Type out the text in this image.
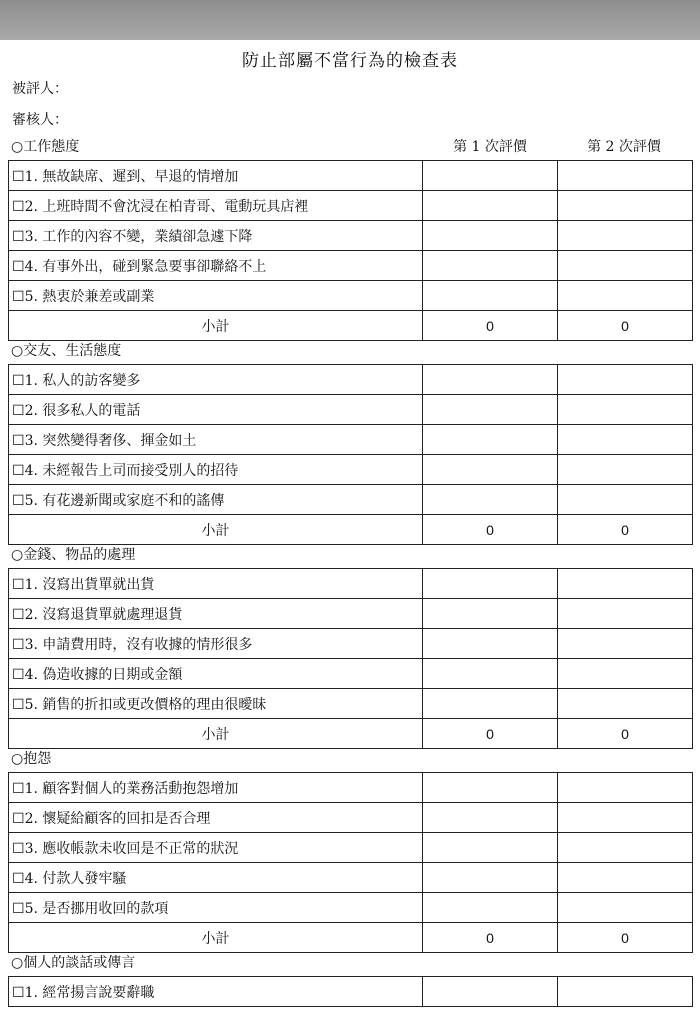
防止部屬不當行為的檢查表
被評人：
審核人：
第 1 次評價	第 2 次評價
○工作態度
☐1. 無故缺席、遲到、早退的情增加		
☐2. 上班時間不會沈浸在柏青哥、電動玩具店裡		
☐3. 工作的內容不變，業績卻急遽下降		
☐4. 有事外出，碰到緊急要事卻聯絡不上		
☐5. 熱衷於兼差或副業		
小計	0	0
○交友、生活態度
☐1. 私人的訪客變多		
☐2. 很多私人的電話		
☐3. 突然變得奢侈、揮金如土		
☐4. 未經報告上司而接受別人的招待		
☐5. 有花邊新聞或家庭不和的謠傳		
小計	0	0
○金錢、物品的處理
☐1. 沒寫出貨單就出貨		
☐2. 沒寫退貨單就處理退貨		
☐3. 申請費用時，沒有收據的情形很多		
☐4. 偽造收據的日期或金額		
☐5. 銷售的折扣或更改價格的理由很曖昧		
小計	0	0
○抱怨
☐1. 顧客對個人的業務活動抱怨增加		
☐2. 懷疑給顧客的回扣是否合理		
☐3. 應收帳款未收回是不正常的狀況		
☐4. 付款人發牢騷		
☐5. 是否挪用收回的款項		
小計	0	0
○個人的談話或傳言
☐1. 經常揚言說要辭職		
